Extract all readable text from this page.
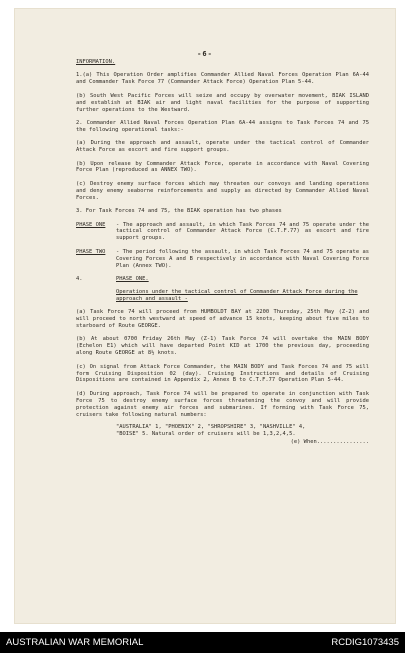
-6-
INFORMATION.
1.(a) This Operation Order amplifies Commander Allied Naval Forces Operation Plan 6A-44 and Commander Task Force 77 (Commander Attack Force) Operation Plan 5-44.
(b) South West Pacific Forces will seize and occupy by overwater movement, BIAK ISLAND and establish at BIAK air and light naval facilities for the purpose of supporting further operations to the Westward.
2. Commander Allied Naval Forces Operation Plan 6A-44 assigns to Task Forces 74 and 75 the following operational tasks:-
(a) During the approach and assault, operate under the tactical control of Commander Attack Force as escort and fire support groups.
(b) Upon release by Commander Attack Force, operate in accordance with Naval Covering Force Plan (reproduced as ANNEX TWO).
(c) Destroy enemy surface forces which may threaten our convoys and landing operations and deny enemy seaborne reinforcements and supply as directed by Commander Allied Naval Forces.
3. For Task Forces 74 and 75, the BIAK operation has two phases
PHASE ONE	- The approach and assault, in which Task Forces 74 and 75 operate under the tactical control of Commander Attack Force (C.T.F.77) as escort and fire support groups.
PHASE TWO	- The period following the assault, in which Task Forces 74 and 75 operate as Covering Forces A and B respectively in accordance with Naval Covering Force Plan (Annex TWO).
4.	PHASE ONE.
Operations under the tactical control of Commander Attack Force during the approach and assault -
(a) Task Force 74 will proceed from HUMBOLDT BAY at 2200 Thursday, 25th May (Z-2) and will proceed to north westward at speed of advance 15 knots, keeping about five miles to starboard of Route GEORGE.
(b) At about 0700 Friday 26th May (Z-1) Task Force 74 will overtake the MAIN BODY (Echelon E1) which will have departed Point KID at 1700 the previous day, proceeding along Route GEORGE at 8½ knots.
(c) On signal from Attack Force Commander, the MAIN BODY and Task Forces 74 and 75 will form Cruising Disposition 02 (day). Cruising Instructions and details of Cruising Dispositions are contained in Appendix 2, Annex B to C.T.F.77 Operation Plan 5-44.
(d) During approach, Task Force 74 will be prepared to operate in conjunction with Task Force 75 to destroy enemy surface forces threatening the convoy and will provide protection against enemy air forces and submarines. If forming with Task Force 75, cruisers take following natural numbers:
"AUSTRALIA" 1, "PHOENIX" 2, "SHROPSHIRE" 3, "NASHVILLE" 4,
"BOISE" 5. Natural order of cruisers will be 1,3,2,4,5.
(e) When................
AUSTRALIAN WAR MEMORIAL	RCDIG1073435
